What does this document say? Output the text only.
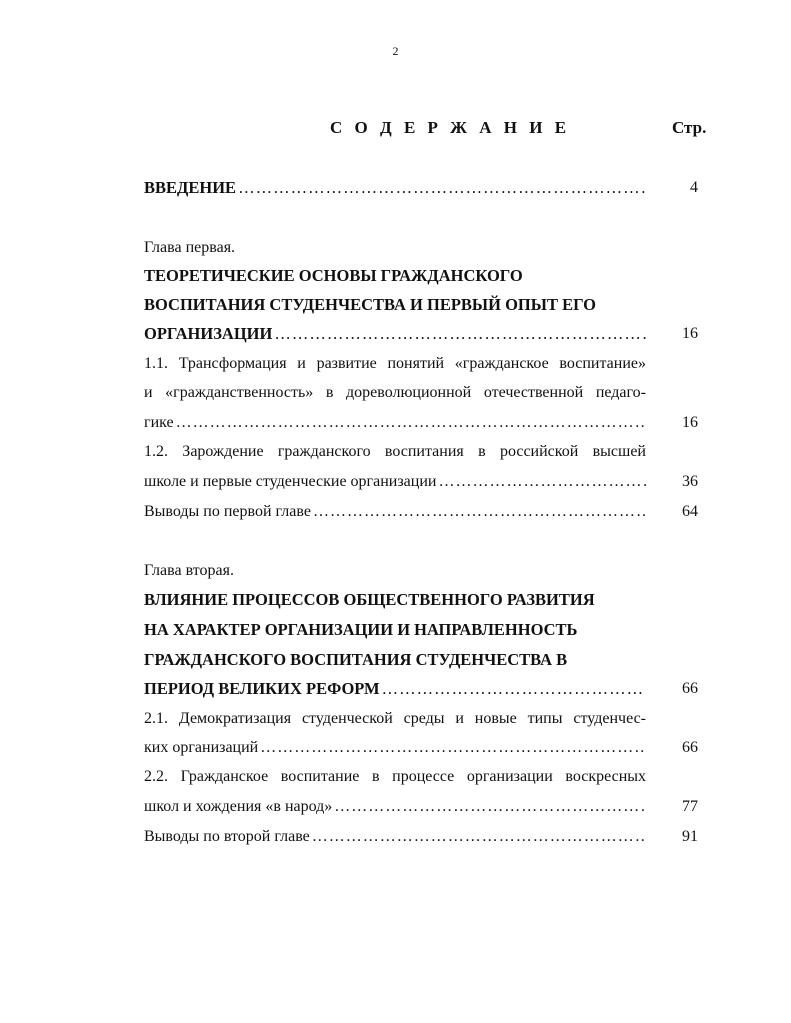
2
С О Д Е Р Ж А Н И Е	Стр.
ВВЕДЕНИЕ ……………………………………………………………………………………………………………………………………………………………………………………………………………………………	4
Глава первая.
ТЕОРЕТИЧЕСКИЕ ОСНОВЫ ГРАЖДАНСКОГО
ВОСПИТАНИЯ СТУДЕНЧЕСТВА И ПЕРВЫЙ ОПЫТ ЕГО
ОРГАНИЗАЦИИ ……………………………………………………………………………………………………………………………………………………………………………………………………………………………	16
1.1. Трансформация и развитие понятий «гражданское воспитание»
и «гражданственность» в дореволюционной отечественной педаго-
гике ……………………………………………………………………………………………………………………………………………………………………………………………………………………………	16
1.2. Зарождение гражданского воспитания в российской высшей
школе и первые студенческие организации ……………………………………………………………………………………………………………………………………………………………………………………………………………………………	36
Выводы по первой главе ……………………………………………………………………………………………………………………………………………………………………………………………………………………………	64
Глава вторая.
ВЛИЯНИЕ ПРОЦЕССОВ ОБЩЕСТВЕННОГО РАЗВИТИЯ
НА ХАРАКТЕР ОРГАНИЗАЦИИ И НАПРАВЛЕННОСТЬ
ГРАЖДАНСКОГО ВОСПИТАНИЯ СТУДЕНЧЕСТВА В
ПЕРИОД ВЕЛИКИХ РЕФОРМ ……………………………………………………………………………………………………………………………………………………………………………………………………………………………	66
2.1. Демократизация студенческой среды и новые типы студенчес-
ких организаций ……………………………………………………………………………………………………………………………………………………………………………………………………………………………	66
2.2. Гражданское воспитание в процессе организации воскресных
школ и хождения «в народ» ……………………………………………………………………………………………………………………………………………………………………………………………………………………………	77
Выводы по второй главе ……………………………………………………………………………………………………………………………………………………………………………………………………………………………	91
